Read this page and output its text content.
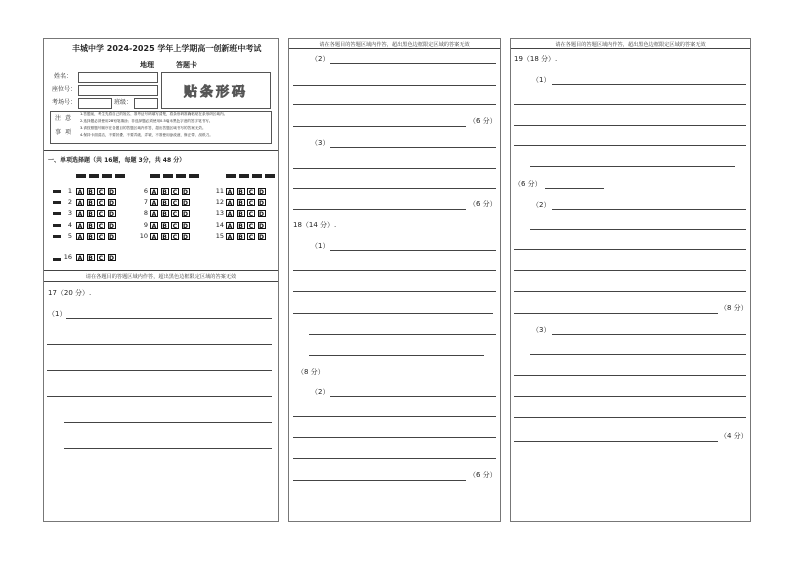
丰城中学 2024-2025 学年上学期高一创新班中考试
地理	答题卡
姓名：
座位号：
考场号：	班级：
贴条形码
注 意
事 项
1.答题前，考生先将自己的姓名、准考证号码填写清楚，将条形码准确粘贴在条形码区域内。
2.选择题必须使用2B铅笔填涂；非选择题必须使用0.5毫米黑色字迹的签字笔书写。
3.请按照题号顺序在各题目的答题区域内作答，超出答题区域书写的答案无效。
4.保持卡面清洁，不要折叠、不要弄破、弄皱，不准使用涂改液、修正带、刮纸刀。
一、单项选择题（共 16题，每题 3分，共 48 分）
1 A B C D
2 A B C D
3 A B C D
4 A B C D
5 A B C D
6 A B C D
7 A B C D
8 A B C D
9 A B C D
10 A B C D
11 A B C D
12 A B C D
13 A B C D
14 A B C D
15 A B C D
16 A B C D
请在各题目的答题区域内作答，超出黑色边框限定区域的答案无效
17（20 分）.
（1）
请在各题目的答题区域内作答，超出黑色边框限定区域的答案无效
（2）
（6 分）
（3）
（6 分）
18（14 分）.
（1）
（8 分）
（2）
（6 分）
请在各题目的答题区域内作答，超出黑色边框限定区域的答案无效
19（18 分）.
（1）
（6 分）
（2）
（8 分）
（3）
（4 分）
